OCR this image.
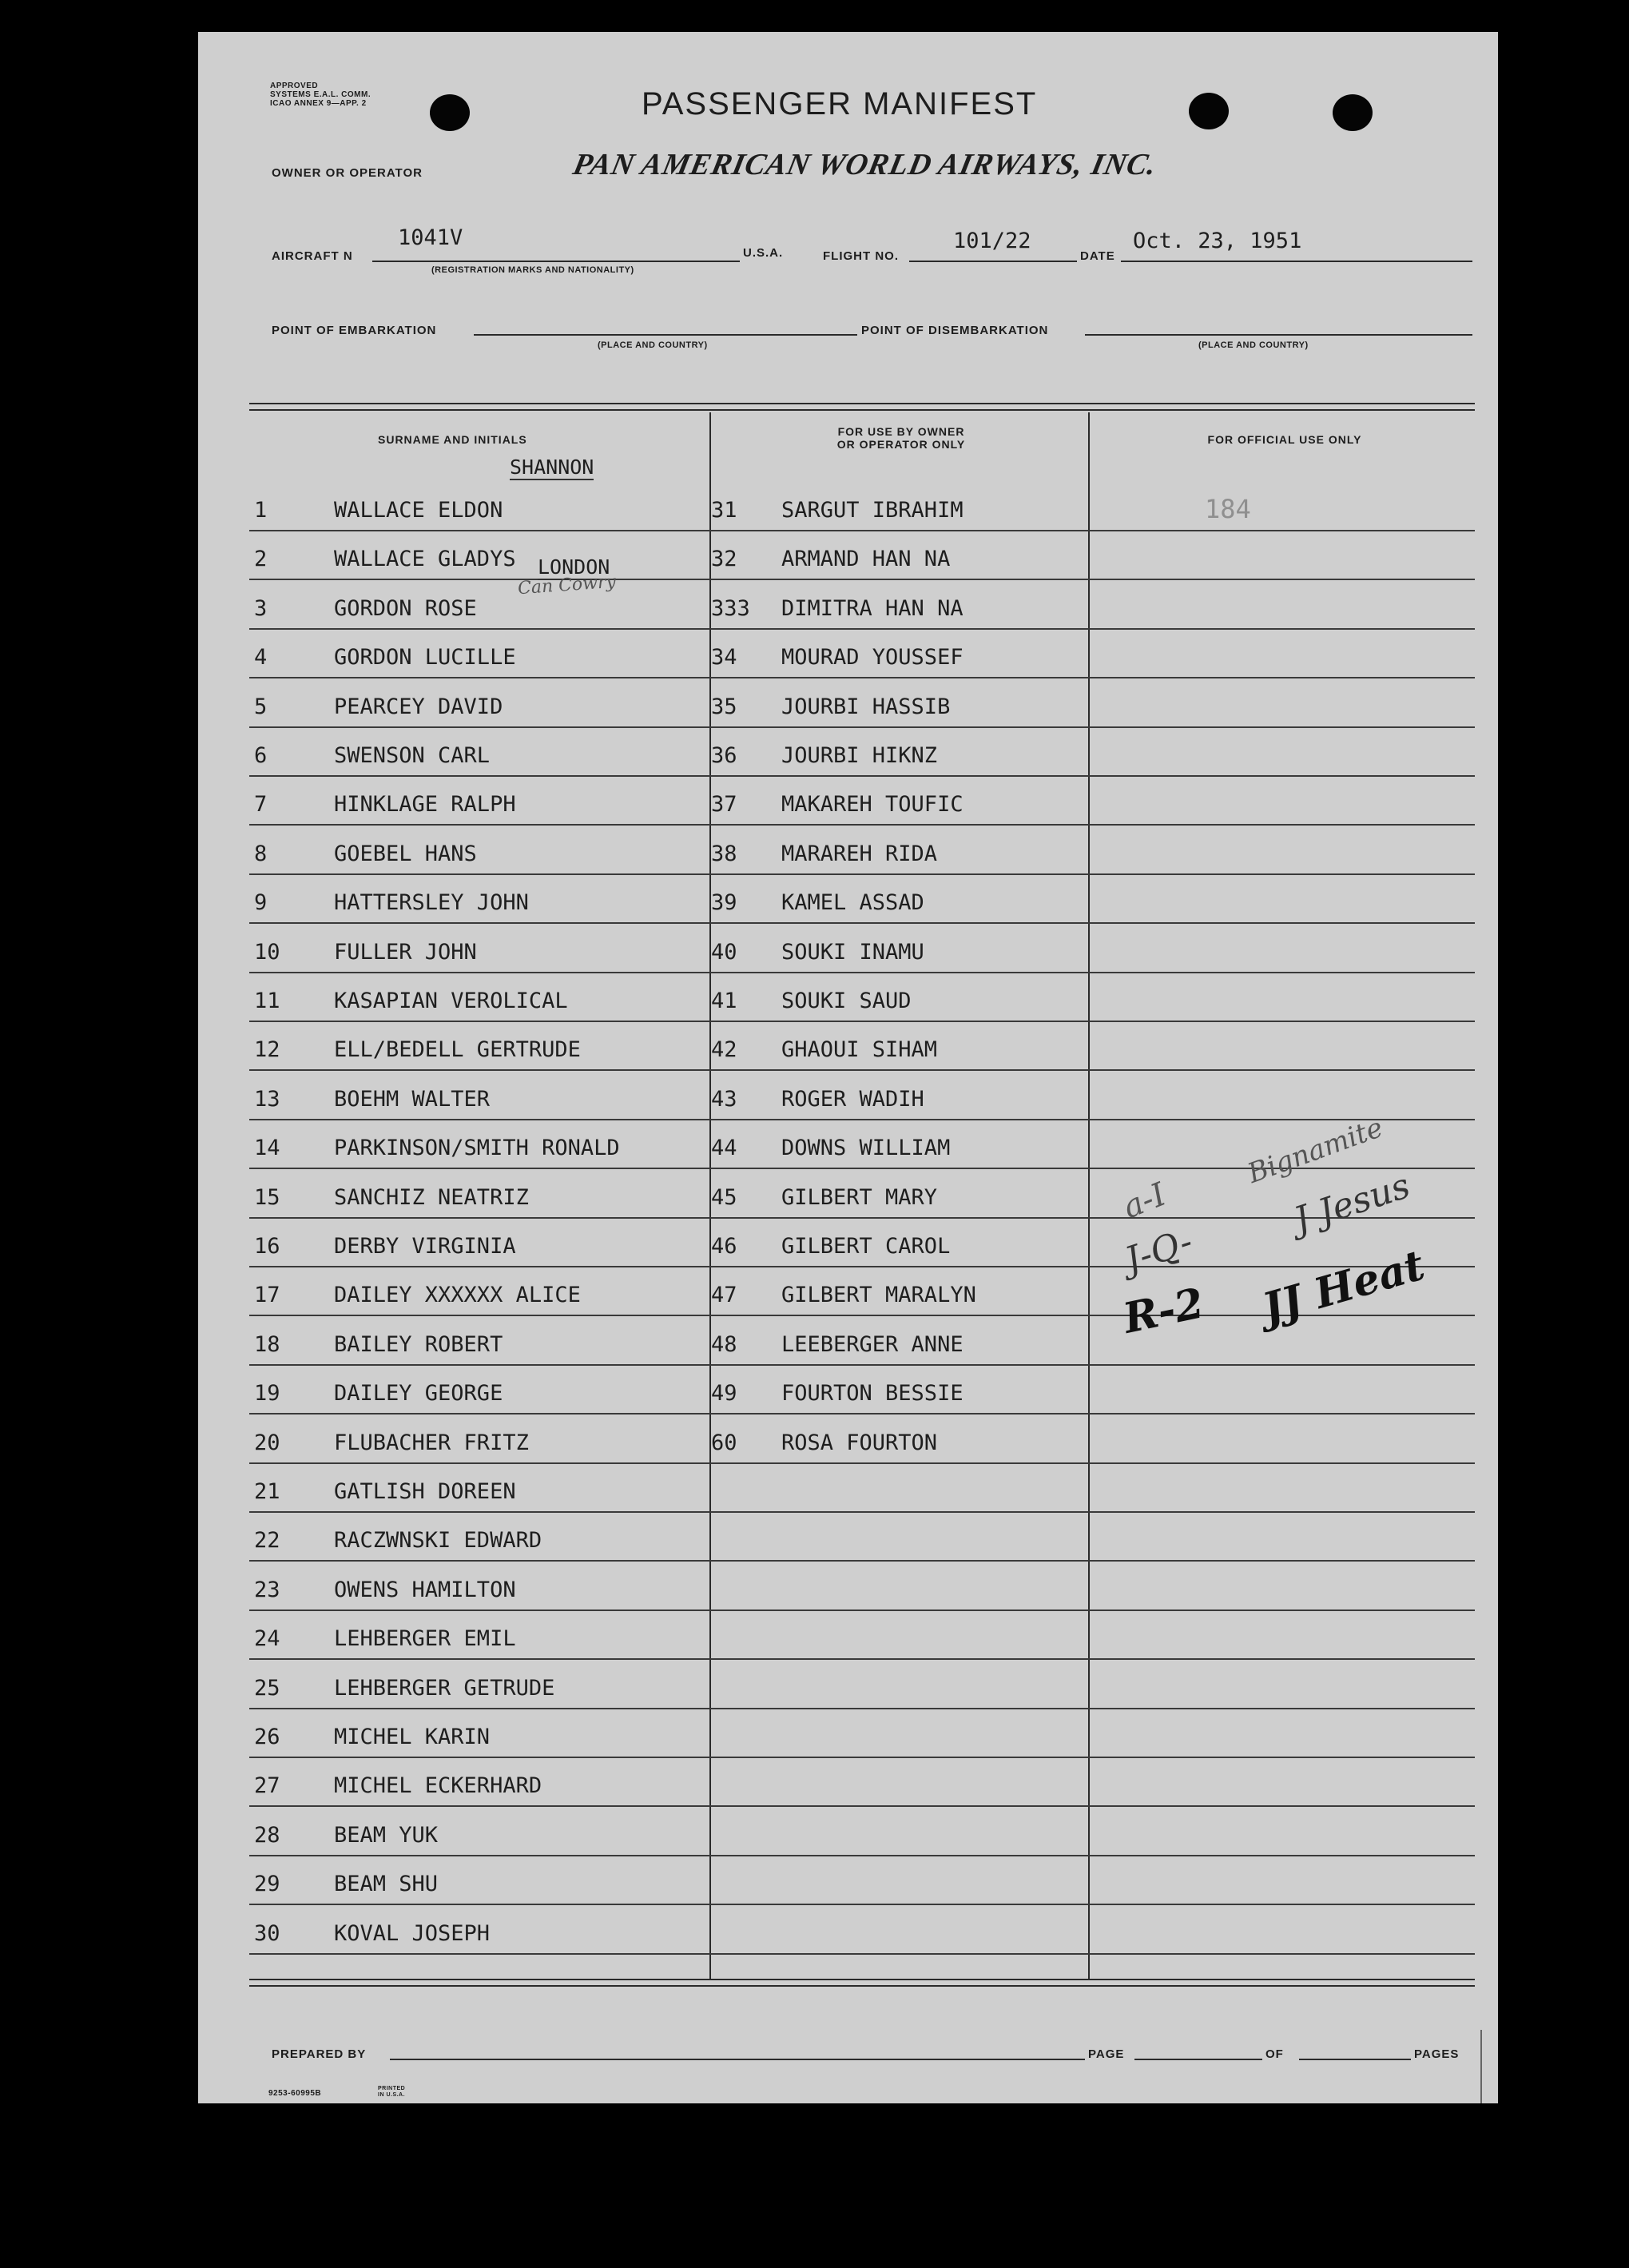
APPROVED
SYSTEMS E.A.L. COMM.
ICAO ANNEX 9—APP. 2	PASSENGER MANIFEST
OWNER OR OPERATOR	PAN AMERICAN WORLD AIRWAYS, INC.
AIRCRAFT N
1041V
(REGISTRATION MARKS AND NATIONALITY)
U.S.A.	FLIGHT NO.
101/22
DATE
Oct. 23, 1951
POINT OF EMBARKATION
(PLACE AND COUNTRY)
POINT OF DISEMBARKATION
(PLACE AND COUNTRY)
SURNAME AND INITIALS
FOR USE BY OWNER
OR OPERATOR ONLY	FOR OFFICIAL USE ONLY
1	WALLACE ELDON	31 SARGUT IBRAHIM
2	WALLACE GLADYS	32 ARMAND HAN NA
3	GORDON ROSE	333 DIMITRA HAN NA
4	GORDON LUCILLE	34 MOURAD YOUSSEF
5	PEARCEY DAVID	35 JOURBI HASSIB
6	SWENSON CARL	36 JOURBI HIKNZ
7	HINKLAGE RALPH	37 MAKAREH TOUFIC
8	GOEBEL HANS	38 MARAREH RIDA
9	HATTERSLEY JOHN	39 KAMEL ASSAD
10	FULLER JOHN	40 SOUKI INAMU
11	KASAPIAN VEROLICAL	41 SOUKI SAUD
12	ELL/BEDELL GERTRUDE	42 GHAOUI SIHAM
13	BOEHM WALTER	43 ROGER WADIH
14	PARKINSON/SMITH RONALD	44 DOWNS WILLIAM
15	SANCHIZ NEATRIZ	45 GILBERT MARY
16	DERBY VIRGINIA	46 GILBERT CAROL
17	DAILEY XXXXXX ALICE	47 GILBERT MARALYN
18	BAILEY ROBERT	48 LEEBERGER ANNE
19	DAILEY GEORGE	49 FOURTON BESSIE
20	FLUBACHER FRITZ	60 ROSA FOURTON
21	GATLISH DOREEN
22	RACZWNSKI EDWARD
23	OWENS HAMILTON
24	LEHBERGER EMIL
25	LEHBERGER GETRUDE
26	MICHEL KARIN
27	MICHEL ECKERHARD
28	BEAM YUK
29	BEAM SHU
30	KOVAL JOSEPH
184
SHANNON
LONDON
Can Cowry
a-I
J-Q-
R-2
Bignamite
J Jesus
JJ Heat
PREPARED BY	PAGE	OF	PAGES
9253-60995B
PRINTED IN U.S.A.
